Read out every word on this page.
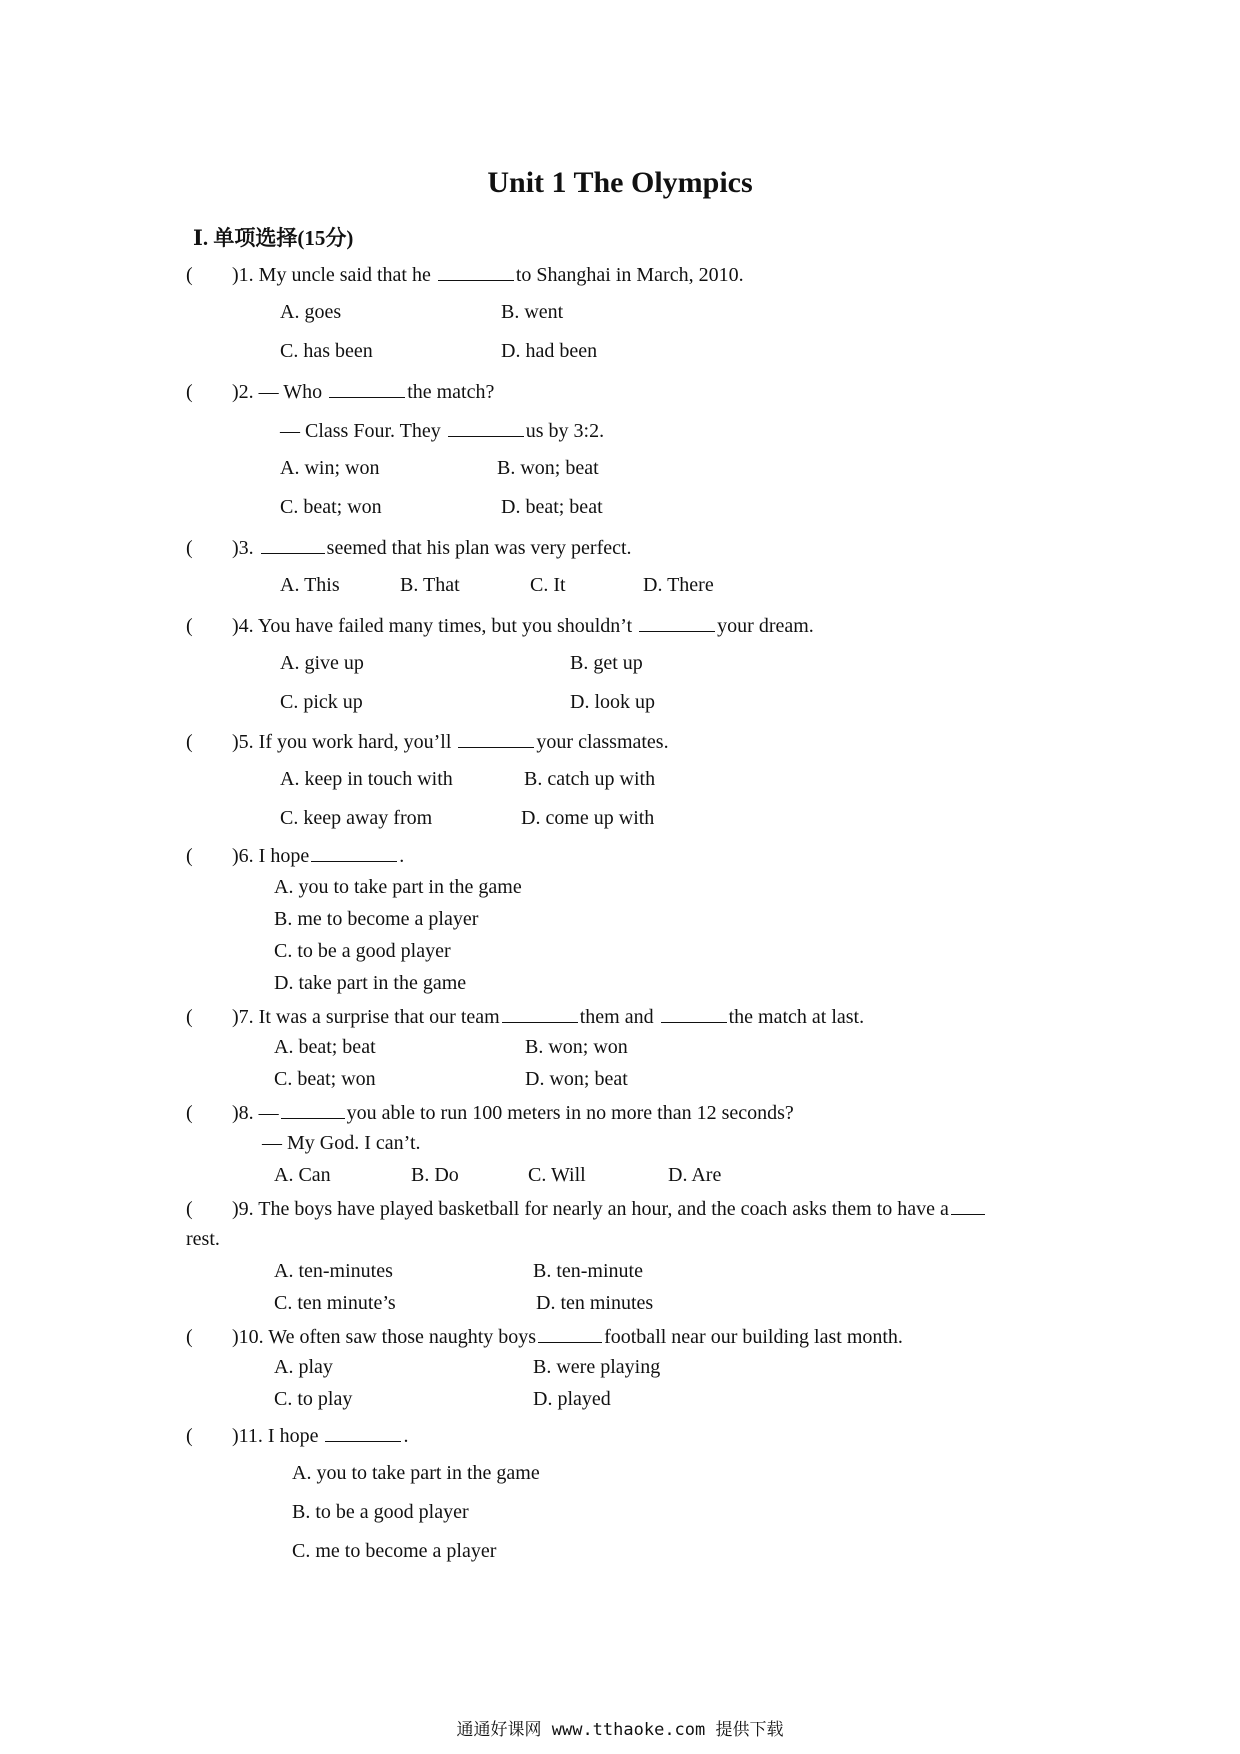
Unit 1 The Olympics
Ⅰ. 单项选择(15分)
( )1. My uncle said that he	to Shanghai in March, 2010.
A. goes	B. went
C. has been	D. had been
( )2. — Who	the match?
— Class Four. They	us by 3:2.
A. win; won	B. won; beat
C. beat; won	D. beat; beat
( )3.	seemed that his plan was very perfect.
A. This	B. That	C. It	D. There
( )4. You have failed many times, but you shouldn’t	your dream.
A. give up	B. get up
C. pick up	D. look up
( )5. If you work hard, you’ll	your classmates.
A. keep in touch with	B. catch up with
C. keep away from	D. come up with
( )6. I hope	.
A. you to take part in the game
B. me to become a player
C. to be a good player
D. take part in the game
( )7. It was a surprise that our team	them and	the match at last.
A. beat; beat	B. won; won
C. beat; won	D. won; beat
( )8. —	you able to run 100 meters in no more than 12 seconds?
— My God. I can’t.
A. Can	B. Do	C. Will	D. Are
( )9. The boys have played basketball for nearly an hour, and the coach asks them to have a
rest.
A. ten-minutes	B. ten-minute
C. ten minute’s	D. ten minutes
( )10. We often saw those naughty boys	football near our building last month.
A. play	B. were playing
C. to play	D. played
( )11. I hope	.
A. you to take part in the game
B. to be a good player
C. me to become a player
通通好课网 www.tthaoke.com 提供下载
